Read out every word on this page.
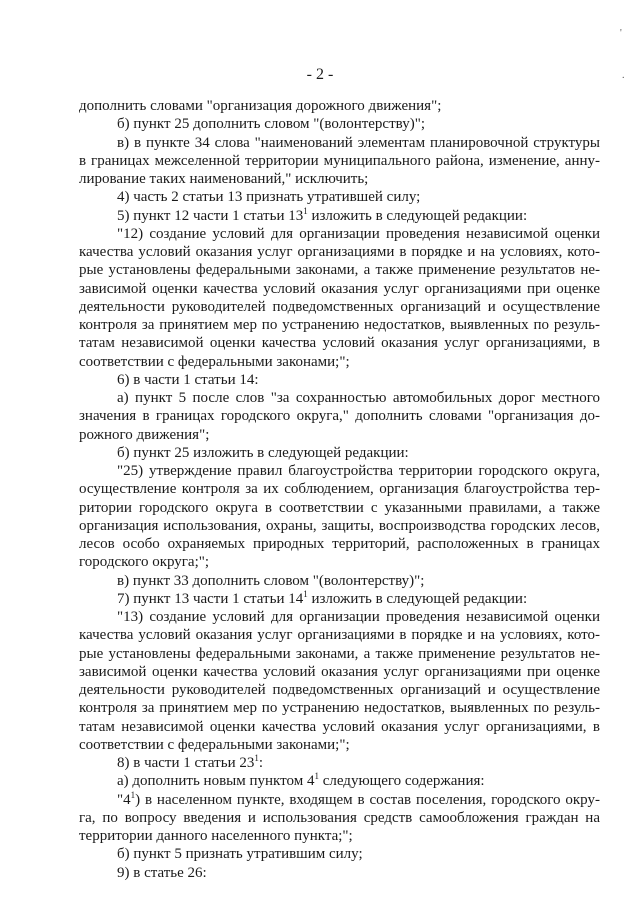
'
.
- 2 -

дополнить словами "организация дорожного движения";

б) пункт 25 дополнить словом "(волонтерству)";

в) в пункте 34 слова "наименований элементам планировочной структуры в границах межселенной территории муниципального района, изменение, аннулирование таких наименований," исключить;

4) часть 2 статьи 13 признать утратившей силу;

5) пункт 12 части 1 статьи $13^1$ изложить в следующей редакции:

"12) создание условий для организации проведения независимой оценки качества условий оказания услуг организациями в порядке и на условиях, которые установлены федеральными законами, а также применение результатов независимой оценки качества условий оказания услуг организациями при оценке деятельности руководителей подведомственных организаций и осуществление контроля за принятием мер по устранению недостатков, выявленных по результатам независимой оценки качества условий оказания услуг организациями, в соответствии с федеральными законами;";

6) в части 1 статьи 14:

а) пункт 5 после слов "за сохранностью автомобильных дорог местного значения в границах городского округа," дополнить словами "организация дорожного движения";

б) пункт 25 изложить в следующей редакции:

"25) утверждение правил благоустройства территории городского округа, осуществление контроля за их соблюдением, организация благоустройства территории городского округа в соответствии с указанными правилами, а также организация использования, охраны, защиты, воспроизводства городских лесов, лесов особо охраняемых природных территорий, расположенных в границах городского округа;";

в) пункт 33 дополнить словом "(волонтерству)";

7) пункт 13 части 1 статьи $14^1$ изложить в следующей редакции:

"13) создание условий для организации проведения независимой оценки качества условий оказания услуг организациями в порядке и на условиях, которые установлены федеральными законами, а также применение результатов независимой оценки качества условий оказания услуг организациями при оценке деятельности руководителей подведомственных организаций и осуществление контроля за принятием мер по устранению недостатков, выявленных по результатам независимой оценки качества условий оказания услуг организациями, в соответствии с федеральными законами;";

8) в части 1 статьи $23^1$:

а) дополнить новым пунктом $4^1$ следующего содержания:

"$4^1$) в населенном пункте, входящем в состав поселения, городского округа, по вопросу введения и использования средств самообложения граждан на территории данного населенного пункта;";

б) пункт 5 признать утратившим силу;

9) в статье 26:
